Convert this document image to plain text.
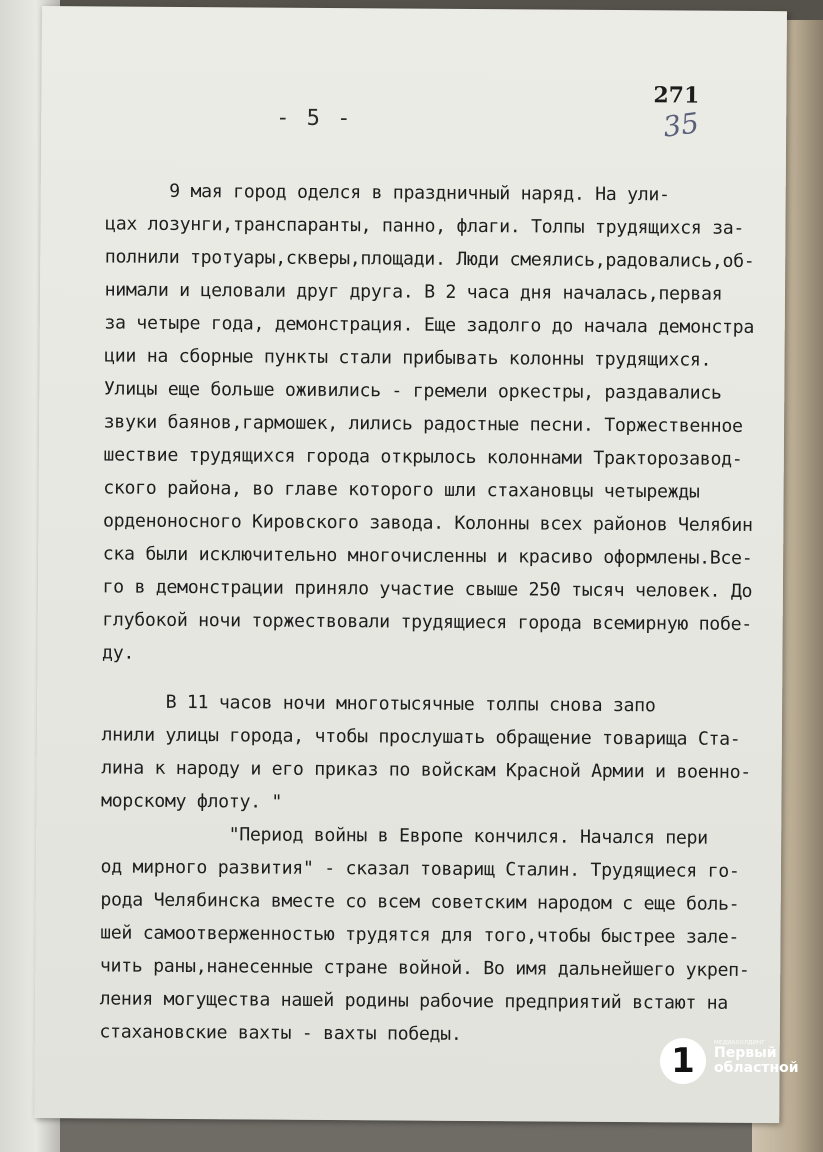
- 5 -
271
35
9 мая город оделся в праздничный наряд. На ули-
цах лозунги,транспаранты, панно, флаги. Толпы трудящихся за-
полнили тротуары,скверы,площади. Люди смеялись,радовались,об-
нимали и целовали друг друга. В 2 часа дня началась,первая
за четыре года, демонстрация. Еще задолго до начала демонстра
ции на сборные пункты стали прибывать колонны трудящихся.
Улицы еще больше оживились - гремели оркестры, раздавались
звуки баянов,гармошек, лились радостные песни. Торжественное
шествие трудящихся города открылось колоннами Тракторозавод-
ского района, во главе которого шли стахановцы четырежды
орденоносного Кировского завода. Колонны всех районов Челябин
ска были исключительно многочисленны и красиво оформлены.Все-
го в демонстрации приняло участие свыше 250 тысяч человек. До
глубокой ночи торжествовали трудящиеся города всемирную побе-
ду.
В 11 часов ночи многотысячные толпы снова запо
лнили улицы города, чтобы прослушать обращение товарища Ста-
лина к народу и его приказ по войскам Красной Армии и военно-
морскому флоту. "
"Период войны в Европе кончился. Начался пери
од мирного развития" - сказал товарищ Сталин. Трудящиеся го-
рода Челябинска вместе со всем советским народом с еще боль-
шей самоотверженностью трудятся для того,чтобы быстрее зале-
чить раны,нанесенные стране войной. Во имя дальнейшего укреп-
ления могущества нашей родины рабочие предприятий встают на
стахановские вахты - вахты победы.
1	МЕДИАХОЛДИНГ
Первый
областной
